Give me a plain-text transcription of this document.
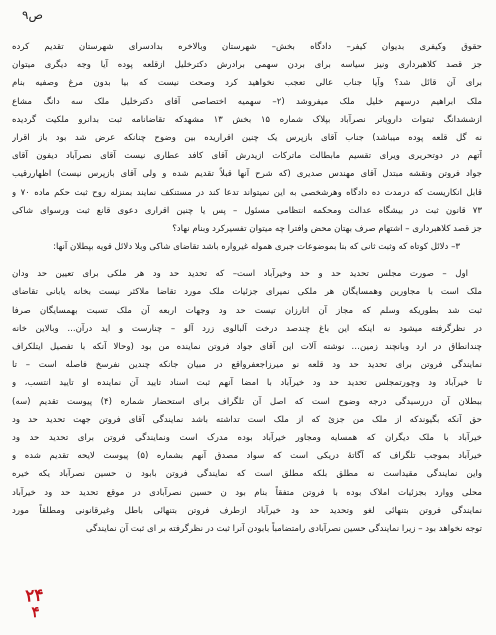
ص۹
حقوق وکیفری بدیوان کیفر– دادگاه بخش– شهرستان وبالاخره بدادسرای شهرستان تقدیم کرده
جز قصد کلاهبرداری ونیز سیاسه برای بردن سهمی برادرش دکترخلیل ازقلعه پوده آیا وجه دیگری میتوان
برای آن قائل شد؟ وآیا جناب عالی تعجب نخواهید کرد وصحت نیست که بیا بدون مرغ وصفیه بنام
ملک ابراهیم درسهم خلیل ملک میفروشد (۲– سهمیه اختصاصی آقای دکترخلیل ملک سه دانگ مشاع
ازششدانگ ثبتوات دارویاتر نصرآباد بپلاک شماره ۱۵ بخش ۱۳ مشهدکه تقاضانامه ثبت بدانرو ملکیت گردیده
نه گل قلعه پوده میباشد) جناب آقای بازپرس یک چنین اقراریده بین وضوح چنانکه عرض شد بود باز اقرار
آتهم در دوتحریری ویرای تقسیم مابطالت ماترکات ازیدرش آقای کافد عطاری نیست آقای نصرآباد دیفون آقای
جواد فروتن ونقشه مبتدل آقای مهندس صدیری (که شرح آنها قبلاً تقدیم شده و ولی آقای بازپرس نیست) اظهاررقیب
قابل انکاریست که درمدت ده دادگاه وهرشخصی به این نمیتواند تدعا کند در مستنکف نمایند بمنزله روح ثبت حکم ماده ۷۰ و
۷۳ قانون ثبت در بیشگاه عدالت ومحکمه انتظامی مسئول – پس یا چنین اقراری دعوی قانع ثبت ورسوای شاکی
جز قصد کلاهبرداری – اشتهام صرف بهتان محض وافترا چه میتوان تفسیرکرد وبنام نهاد؟
۳– دلائل کوتاه که وثبت ثانی که بنا بموضوعات جبری هموله غیرواره باشد تقاضای شاکی وبلا دلائل قویه بپطلان آنها:
اول – صورت مجلس تحدید حد و حد وخیرآباد است– که تحدید حد ود هر ملکی برای تعیین حد ودان
ملک است با مجاورین وهمسایگان هر ملکی نمیرای جزئیات ملک مورد تقاضا ملاکثر نیست بخانه یابانی تقاضای
ثبت شد بطوریکه وسلم که مجاز آن اتارزان تیست حد ود وجهات اربعه آن ملک تسبت بهمسایگان صرفا
در نظرگرفته میشود نه اینکه این باغ چندصد درخت آلبالوی زرد آلو – چنارست و اید درآن... وبالاین خانه
چندانطاق در ارد وبانچند زمین… نوشته آلات این آقای جواد فروتن نماینده من بود (وحالا آنکه با تفصیل ایتلکراف
نمایندگی فروتن برای تحدید حد ود قلعه نو میرزاجعفرواقع در مبیان جانکه چندین نفرسخ فاصله است – تا
تا خیرآباد ود وچورتمجلس تحدید حد ود خیرآباد با امضا آنهم ثبت اسناد تایید آن نماینده او تایید انتسب، و
ببطلان آن دررسیدگی درجه وضوح است که اصل آن تلگراف برای استحضار شماره (۴) پیوست تقدیم (سه)
حق آنکه بگیوندکه از ملک من جزئ که از ملک است تداشته باشد نمایندگی آقای فروتن جهت تحدید حد ود
خیرآباد با ملک دیگران که همسایه ومجاور خیرآباد بوده مدرک است ونمایندگی فروتن برای تحدید حد ود
خیرآباد بموجب تلگراف که آگاته‌ٔ دریکی است که سواد مصدق آنهم بشماره (۵) پیوست لایحه تقدیم شده و
واین نمایندگی مقیداست نه مطلق بلکه مطلق است که نمایندگی فروتن بابود ن حسین نصرآباد یکه خیره‌
محلی ووارد بجزئیات املاک بوده با فروتن متفقاً بنام بود ن حسین نصرآبادی در موقع تحدید حد ود خیرآباد
نمایندگی فروتن بتنهائی لغو وتحدید حد ود خیرآباد ازطرف فروتن بتنهائی باطل وغیرقانونی ومطلقاً مورد
توجه نخواهد بود – زیرا نمایندگی حسین نصرآبادی رامتضامباً بابودن آنرا ثبت در نظرگرفته بر ای ثبت آن نمایندگی
۲۴
۴
